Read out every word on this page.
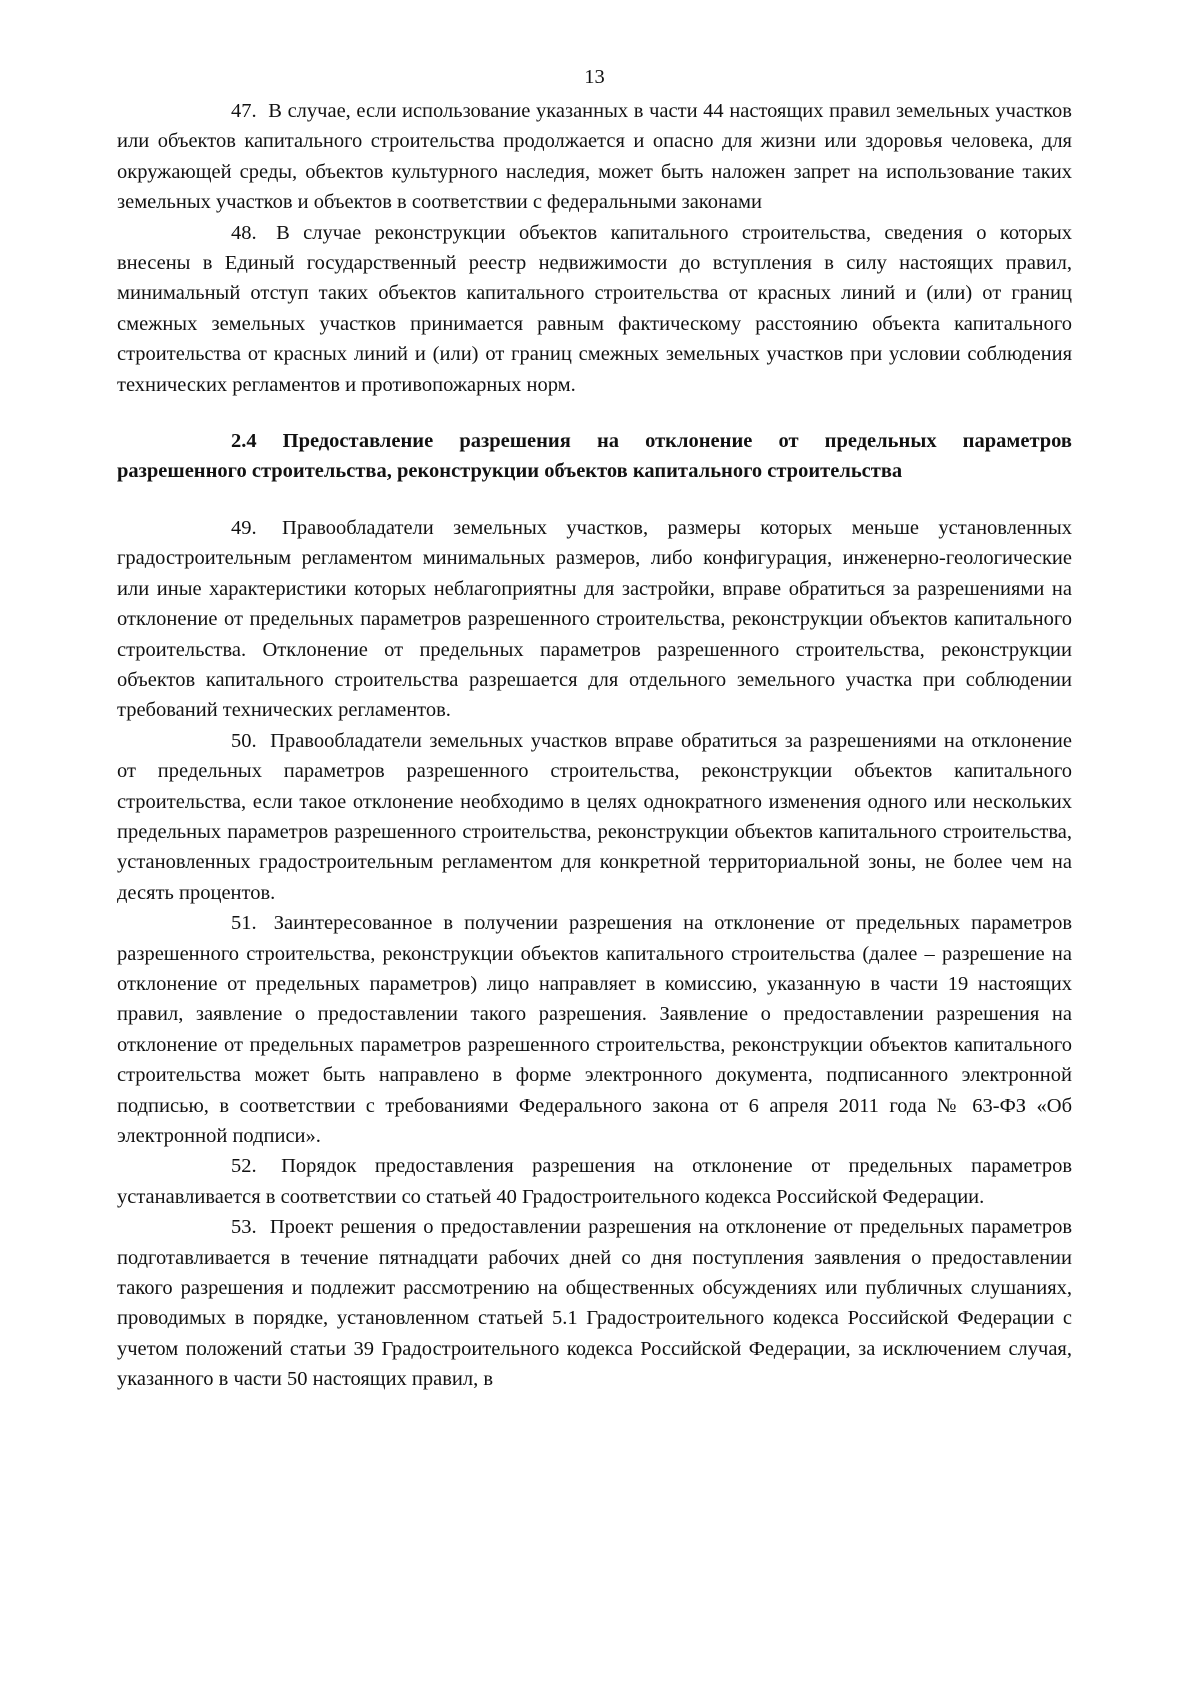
13

47. В случае, если использование указанных в части 44 настоящих правил земельных участков или объектов капитального строительства продолжается и опасно для жизни или здоровья человека, для окружающей среды, объектов культурного наследия, может быть наложен запрет на использование таких земельных участков и объектов в соответствии с федеральными законами

48. В случае реконструкции объектов капитального строительства, сведения о которых внесены в Единый государственный реестр недвижимости до вступления в силу настоящих правил, минимальный отступ таких объектов капитального строительства от красных линий и (или) от границ смежных земельных участков принимается равным фактическому расстоянию объекта капитального строительства от красных линий и (или) от границ смежных земельных участков при условии соблюдения технических регламентов и противопожарных норм.

2.4 Предоставление разрешения на отклонение от предельных параметров разрешенного строительства, реконструкции объектов капитального строительства

49. Правообладатели земельных участков, размеры которых меньше установленных градостроительным регламентом минимальных размеров, либо конфигурация, инженерно-геологические или иные характеристики которых неблагоприятны для застройки, вправе обратиться за разрешениями на отклонение от предельных параметров разрешенного строительства, реконструкции объектов капитального строительства. Отклонение от предельных параметров разрешенного строительства, реконструкции объектов капитального строительства разрешается для отдельного земельного участка при соблюдении требований технических регламентов.

50. Правообладатели земельных участков вправе обратиться за разрешениями на отклонение от предельных параметров разрешенного строительства, реконструкции объектов капитального строительства, если такое отклонение необходимо в целях однократного изменения одного или нескольких предельных параметров разрешенного строительства, реконструкции объектов капитального строительства, установленных градостроительным регламентом для конкретной территориальной зоны, не более чем на десять процентов.

51. Заинтересованное в получении разрешения на отклонение от предельных параметров разрешенного строительства, реконструкции объектов капитального строительства (далее – разрешение на отклонение от предельных параметров) лицо направляет в комиссию, указанную в части 19 настоящих правил, заявление о предоставлении такого разрешения. Заявление о предоставлении разрешения на отклонение от предельных параметров разрешенного строительства, реконструкции объектов капитального строительства может быть направлено в форме электронного документа, подписанного электронной подписью, в соответствии с требованиями Федерального закона от 6 апреля 2011 года № 63-ФЗ «Об электронной подписи».

52. Порядок предоставления разрешения на отклонение от предельных параметров устанавливается в соответствии со статьей 40 Градостроительного кодекса Российской Федерации.

53. Проект решения о предоставлении разрешения на отклонение от предельных параметров подготавливается в течение пятнадцати рабочих дней со дня поступления заявления о предоставлении такого разрешения и подлежит рассмотрению на общественных обсуждениях или публичных слушаниях, проводимых в порядке, установленном статьей 5.1 Градостроительного кодекса Российской Федерации с учетом положений статьи 39 Градостроительного кодекса Российской Федерации, за исключением случая, указанного в части 50 настоящих правил, в
